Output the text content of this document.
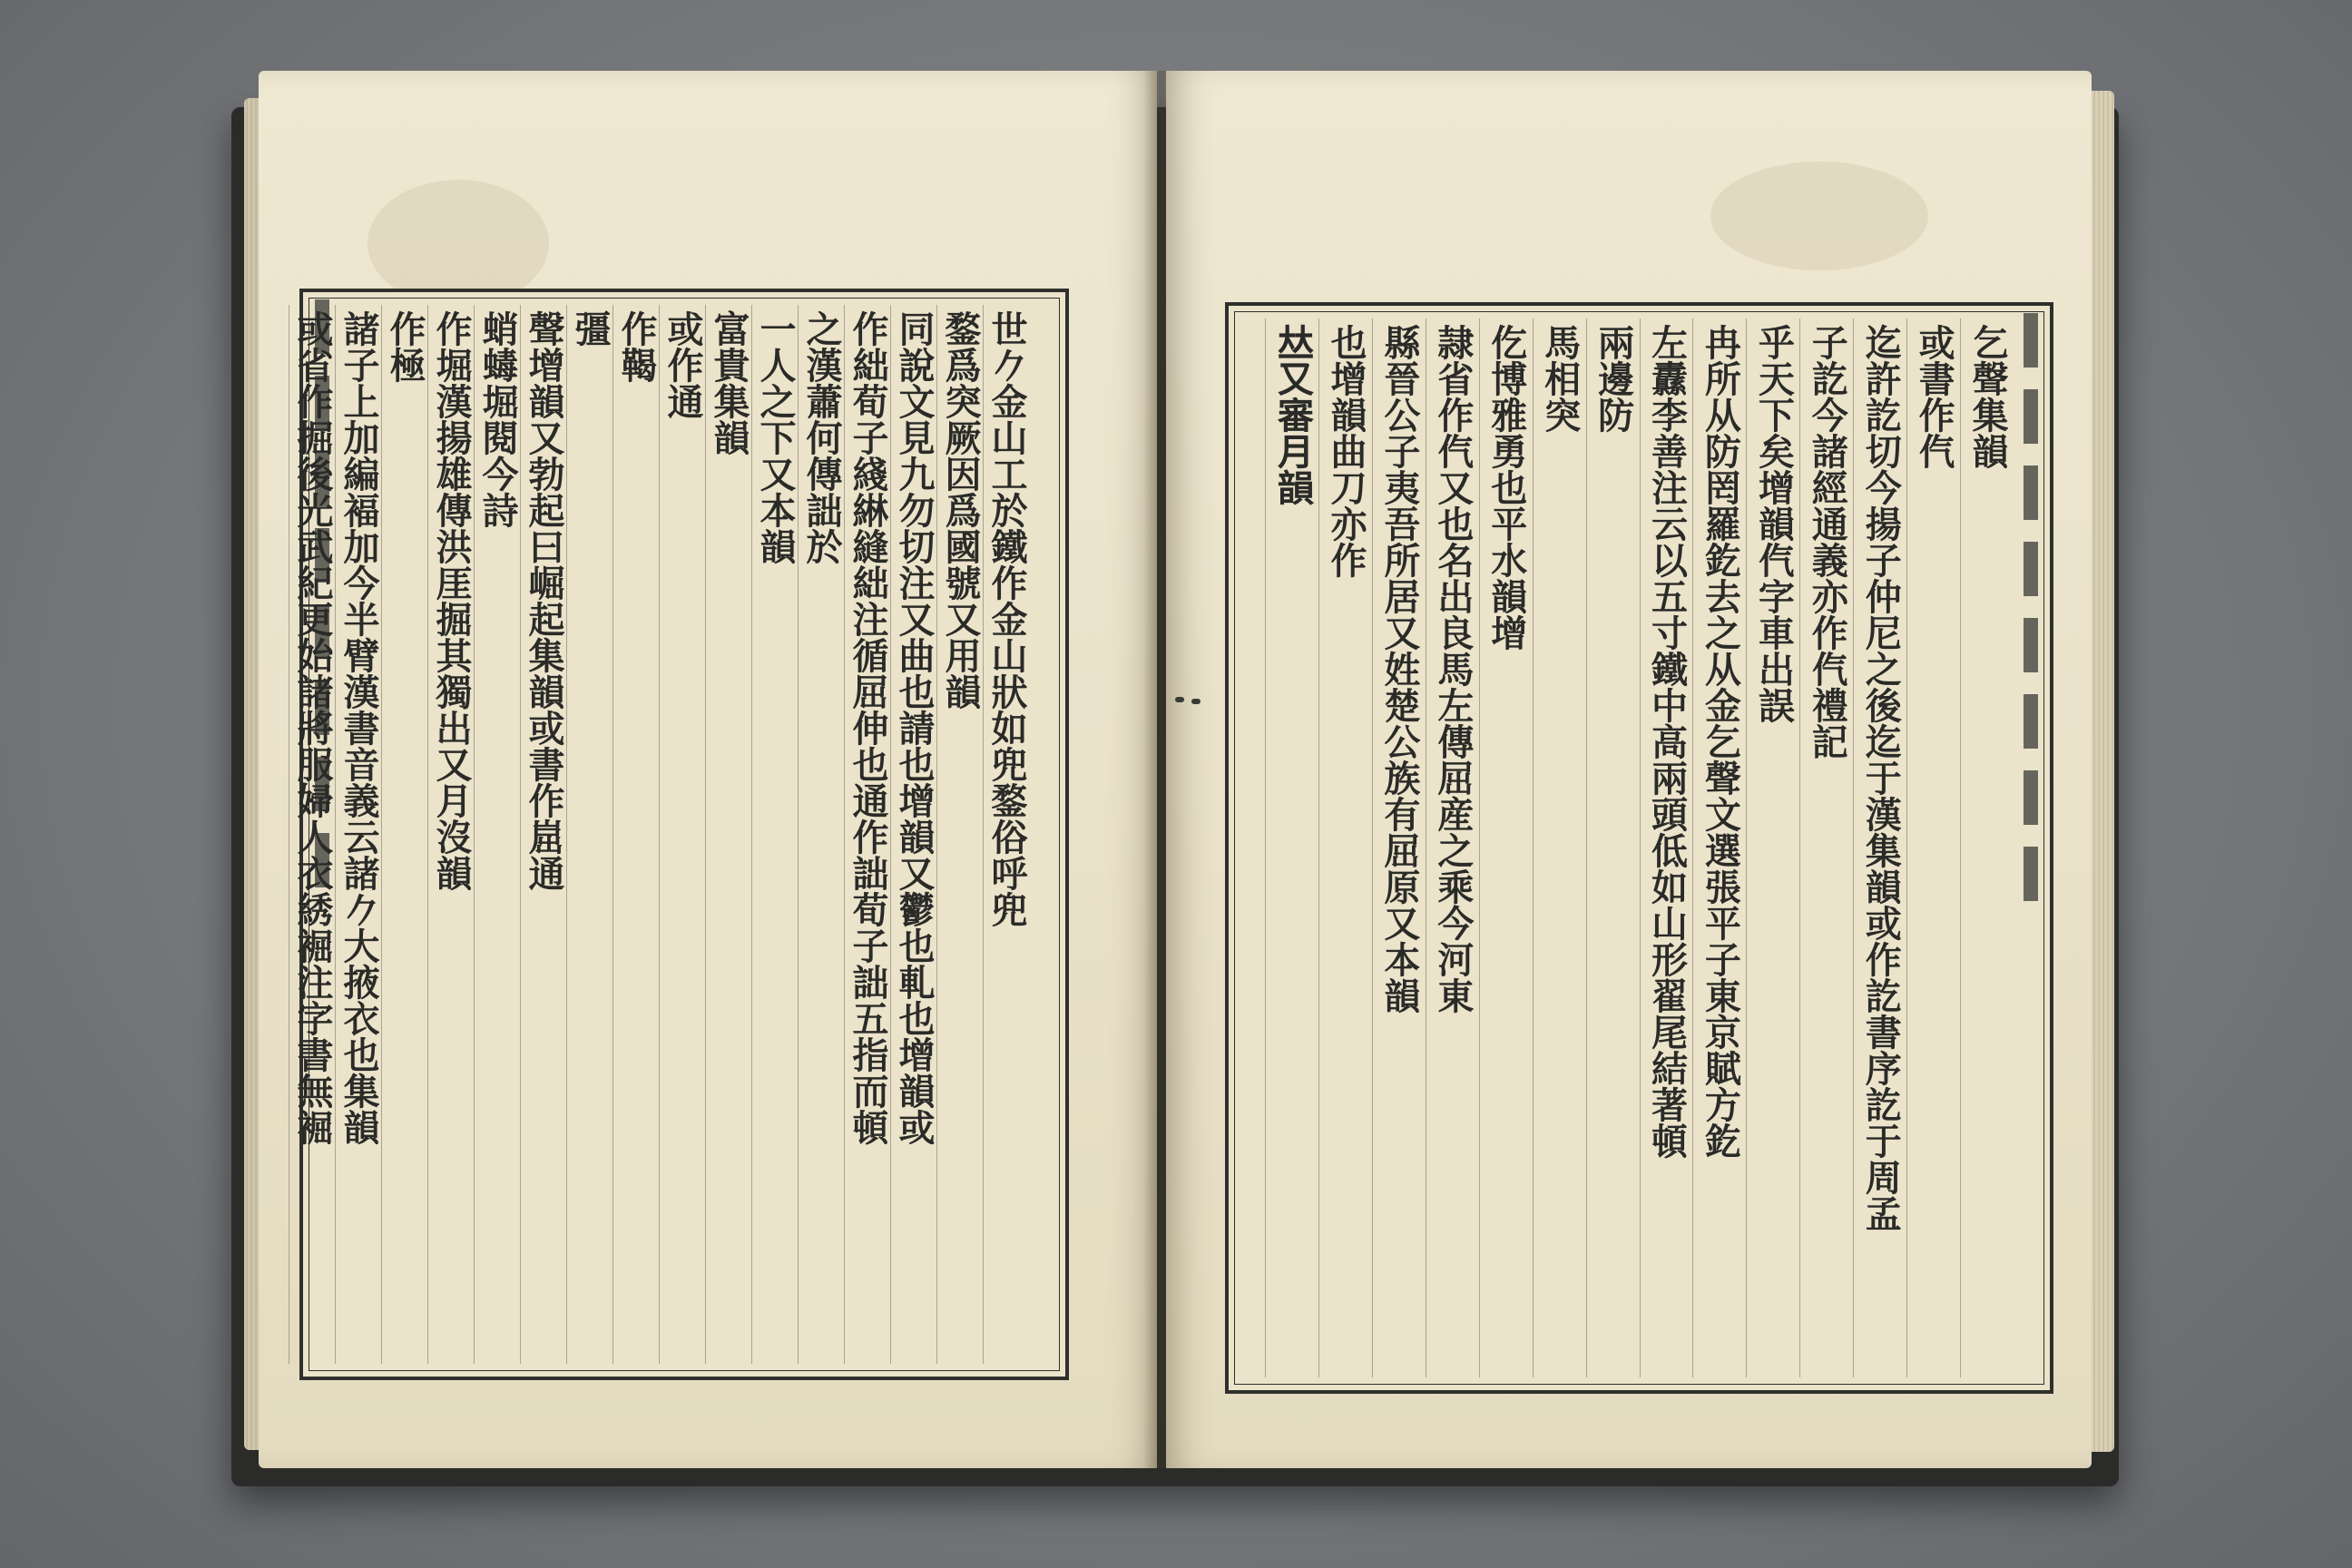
世𠂊金山工於鐵作金山狀如兜鍪俗呼兜
鍪爲突厥因爲國號又用韻
同說文見九勿切注又曲也請也增韻又鬱也軋也增韻或
作絀荀子綫綝縫絀注循屈伸也通作詘荀子詘五指而頓
之漢蕭何傳詘於
一人之下又本韻
富貴集韻
或作通
作鞨
彊
聲增韻又勃起曰崛起集韻或書作崫通
蛸蝳堀閱今詩
作堀漢揚雄傳洪厓掘其獨出又月沒韻
作極
諸子上加編褔加今半臂漢書音義云諸𠂊大掖衣也集韻
或省作掘後光武紀更始諸將服婦人衣綉䘿注字書無䘿	乞聲集韻
或書作㐹
迄許訖切今揚子仲尼之後迄于漢集韻或作訖書序訖于周孟
子訖今諸經通義亦作㐹禮記
乎天下矣增韻㐹字車出誤
冉所从防罔羅釳去之从金乞聲文選張平子東京賦方釳
左纛李善注云以五寸鐵中高兩頭低如山形翟尾結著頓
兩邊防
馬相突
仡博雅勇也平水韻增
隷省作㐹又也名出良馬左傳屈産之乘今河東
縣晉公子夷吾所居又姓楚公族有屈原又本韻
也增韻曲刀亦作
𠀤又審月韻
